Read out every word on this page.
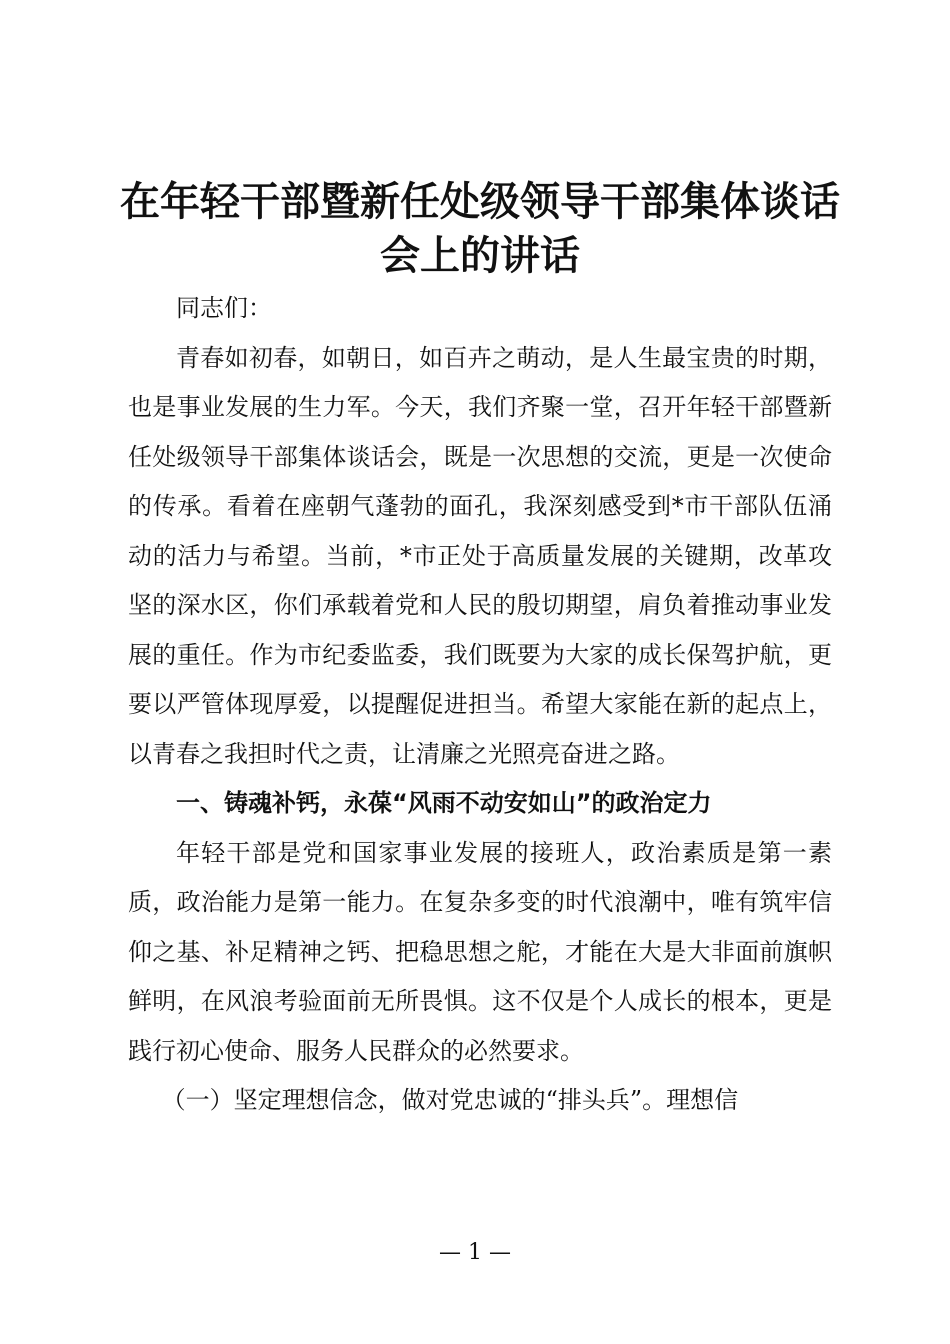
在年轻干部暨新任处级领导干部集体谈话会上的讲话

同志们：

青春如初春，如朝日，如百卉之萌动，是人生最宝贵的时期，也是事业发展的生力军。今天，我们齐聚一堂，召开年轻干部暨新任处级领导干部集体谈话会，既是一次思想的交流，更是一次使命的传承。看着在座朝气蓬勃的面孔，我深刻感受到*市干部队伍涌动的活力与希望。当前，*市正处于高质量发展的关键期，改革攻坚的深水区，你们承载着党和人民的殷切期望，肩负着推动事业发展的重任。作为市纪委监委，我们既要为大家的成长保驾护航，更要以严管体现厚爱，以提醒促进担当。希望大家能在新的起点上，以青春之我担时代之责，让清廉之光照亮奋进之路。

一、铸魂补钙，永葆“风雨不动安如山”的政治定力

年轻干部是党和国家事业发展的接班人，政治素质是第一素质，政治能力是第一能力。在复杂多变的时代浪潮中，唯有筑牢信仰之基、补足精神之钙、把稳思想之舵，才能在大是大非面前旗帜鲜明，在风浪考验面前无所畏惧。这不仅是个人成长的根本，更是践行初心使命、服务人民群众的必然要求。

（一）坚定理想信念，做对党忠诚的“排头兵”。理想信

— 1 —
